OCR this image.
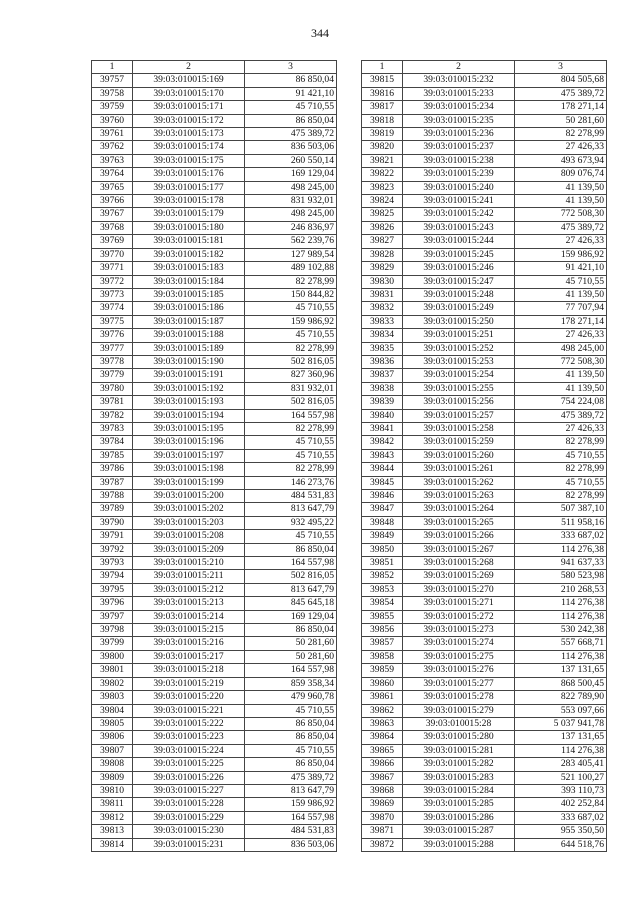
344
1	2	3
39757	39:03:010015:169	86 850,04
39758	39:03:010015:170	91 421,10
39759	39:03:010015:171	45 710,55
39760	39:03:010015:172	86 850,04
39761	39:03:010015:173	475 389,72
39762	39:03:010015:174	836 503,06
39763	39:03:010015:175	260 550,14
39764	39:03:010015:176	169 129,04
39765	39:03:010015:177	498 245,00
39766	39:03:010015:178	831 932,01
39767	39:03:010015:179	498 245,00
39768	39:03:010015:180	246 836,97
39769	39:03:010015:181	562 239,76
39770	39:03:010015:182	127 989,54
39771	39:03:010015:183	489 102,88
39772	39:03:010015:184	82 278,99
39773	39:03:010015:185	150 844,82
39774	39:03:010015:186	45 710,55
39775	39:03:010015:187	159 986,92
39776	39:03:010015:188	45 710,55
39777	39:03:010015:189	82 278,99
39778	39:03:010015:190	502 816,05
39779	39:03:010015:191	827 360,96
39780	39:03:010015:192	831 932,01
39781	39:03:010015:193	502 816,05
39782	39:03:010015:194	164 557,98
39783	39:03:010015:195	82 278,99
39784	39:03:010015:196	45 710,55
39785	39:03:010015:197	45 710,55
39786	39:03:010015:198	82 278,99
39787	39:03:010015:199	146 273,76
39788	39:03:010015:200	484 531,83
39789	39:03:010015:202	813 647,79
39790	39:03:010015:203	932 495,22
39791	39:03:010015:208	45 710,55
39792	39:03:010015:209	86 850,04
39793	39:03:010015:210	164 557,98
39794	39:03:010015:211	502 816,05
39795	39:03:010015:212	813 647,79
39796	39:03:010015:213	845 645,18
39797	39:03:010015:214	169 129,04
39798	39:03:010015:215	86 850,04
39799	39:03:010015:216	50 281,60
39800	39:03:010015:217	50 281,60
39801	39:03:010015:218	164 557,98
39802	39:03:010015:219	859 358,34
39803	39:03:010015:220	479 960,78
39804	39:03:010015:221	45 710,55
39805	39:03:010015:222	86 850,04
39806	39:03:010015:223	86 850,04
39807	39:03:010015:224	45 710,55
39808	39:03:010015:225	86 850,04
39809	39:03:010015:226	475 389,72
39810	39:03:010015:227	813 647,79
39811	39:03:010015:228	159 986,92
39812	39:03:010015:229	164 557,98
39813	39:03:010015:230	484 531,83
39814	39:03:010015:231	836 503,06
1	2	3
39815	39:03:010015:232	804 505,68
39816	39:03:010015:233	475 389,72
39817	39:03:010015:234	178 271,14
39818	39:03:010015:235	50 281,60
39819	39:03:010015:236	82 278,99
39820	39:03:010015:237	27 426,33
39821	39:03:010015:238	493 673,94
39822	39:03:010015:239	809 076,74
39823	39:03:010015:240	41 139,50
39824	39:03:010015:241	41 139,50
39825	39:03:010015:242	772 508,30
39826	39:03:010015:243	475 389,72
39827	39:03:010015:244	27 426,33
39828	39:03:010015:245	159 986,92
39829	39:03:010015:246	91 421,10
39830	39:03:010015:247	45 710,55
39831	39:03:010015:248	41 139,50
39832	39:03:010015:249	77 707,94
39833	39:03:010015:250	178 271,14
39834	39:03:010015:251	27 426,33
39835	39:03:010015:252	498 245,00
39836	39:03:010015:253	772 508,30
39837	39:03:010015:254	41 139,50
39838	39:03:010015:255	41 139,50
39839	39:03:010015:256	754 224,08
39840	39:03:010015:257	475 389,72
39841	39:03:010015:258	27 426,33
39842	39:03:010015:259	82 278,99
39843	39:03:010015:260	45 710,55
39844	39:03:010015:261	82 278,99
39845	39:03:010015:262	45 710,55
39846	39:03:010015:263	82 278,99
39847	39:03:010015:264	507 387,10
39848	39:03:010015:265	511 958,16
39849	39:03:010015:266	333 687,02
39850	39:03:010015:267	114 276,38
39851	39:03:010015:268	941 637,33
39852	39:03:010015:269	580 523,98
39853	39:03:010015:270	210 268,53
39854	39:03:010015:271	114 276,38
39855	39:03:010015:272	114 276,38
39856	39:03:010015:273	530 242,38
39857	39:03:010015:274	557 668,71
39858	39:03:010015:275	114 276,38
39859	39:03:010015:276	137 131,65
39860	39:03:010015:277	868 500,45
39861	39:03:010015:278	822 789,90
39862	39:03:010015:279	553 097,66
39863	39:03:010015:28	5 037 941,78
39864	39:03:010015:280	137 131,65
39865	39:03:010015:281	114 276,38
39866	39:03:010015:282	283 405,41
39867	39:03:010015:283	521 100,27
39868	39:03:010015:284	393 110,73
39869	39:03:010015:285	402 252,84
39870	39:03:010015:286	333 687,02
39871	39:03:010015:287	955 350,50
39872	39:03:010015:288	644 518,76
